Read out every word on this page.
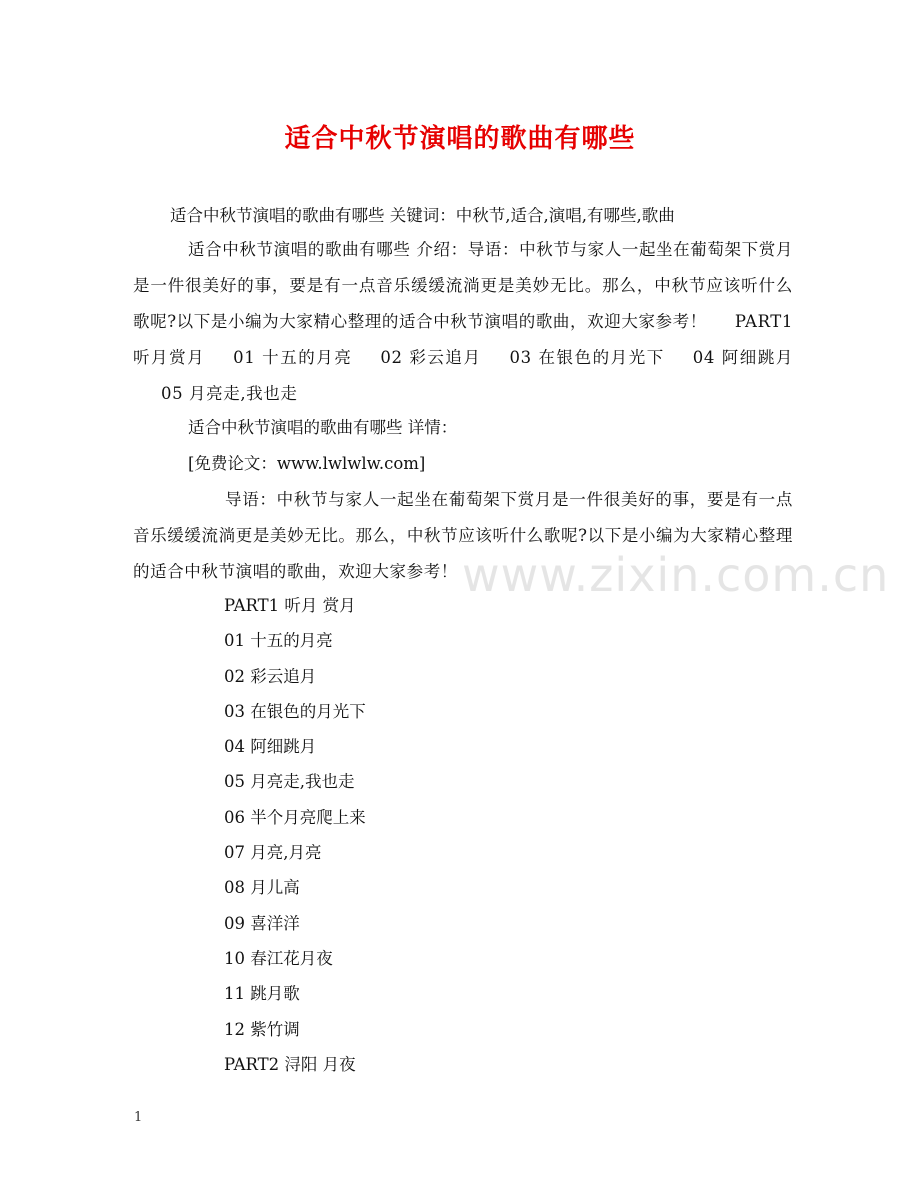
适合中秋节演唱的歌曲有哪些

适合中秋节演唱的歌曲有哪些 关键词：中秋节,适合,演唱,有哪些,歌曲

适合中秋节演唱的歌曲有哪些 介绍：导语：中秋节与家人一起坐在葡萄架下赏月是一件很美好的事，要是有一点音乐缓缓流淌更是美妙无比。那么，中秋节应该听什么歌呢?以下是小编为大家精心整理的适合中秋节演唱的歌曲，欢迎大家参考！ PART1 听月赏月 01 十五的月亮 02 彩云追月 03 在银色的月光下 04 阿细跳月05 月亮走,我也走

适合中秋节演唱的歌曲有哪些 详情：

[免费论文：www.lwlwlw.com]

导语：中秋节与家人一起坐在葡萄架下赏月是一件很美好的事，要是有一点音乐缓缓流淌更是美妙无比。那么，中秋节应该听什么歌呢?以下是小编为大家精心整理的适合中秋节演唱的歌曲，欢迎大家参考！ www.zixin.com.cn
PART1 听月 赏月
01 十五的月亮
02 彩云追月
03 在银色的月光下
04 阿细跳月
05 月亮走,我也走
06 半个月亮爬上来
07 月亮,月亮
08 月儿高
09 喜洋洋
10 春江花月夜
11 跳月歌
12 紫竹调
PART2 浔阳 月夜
1
